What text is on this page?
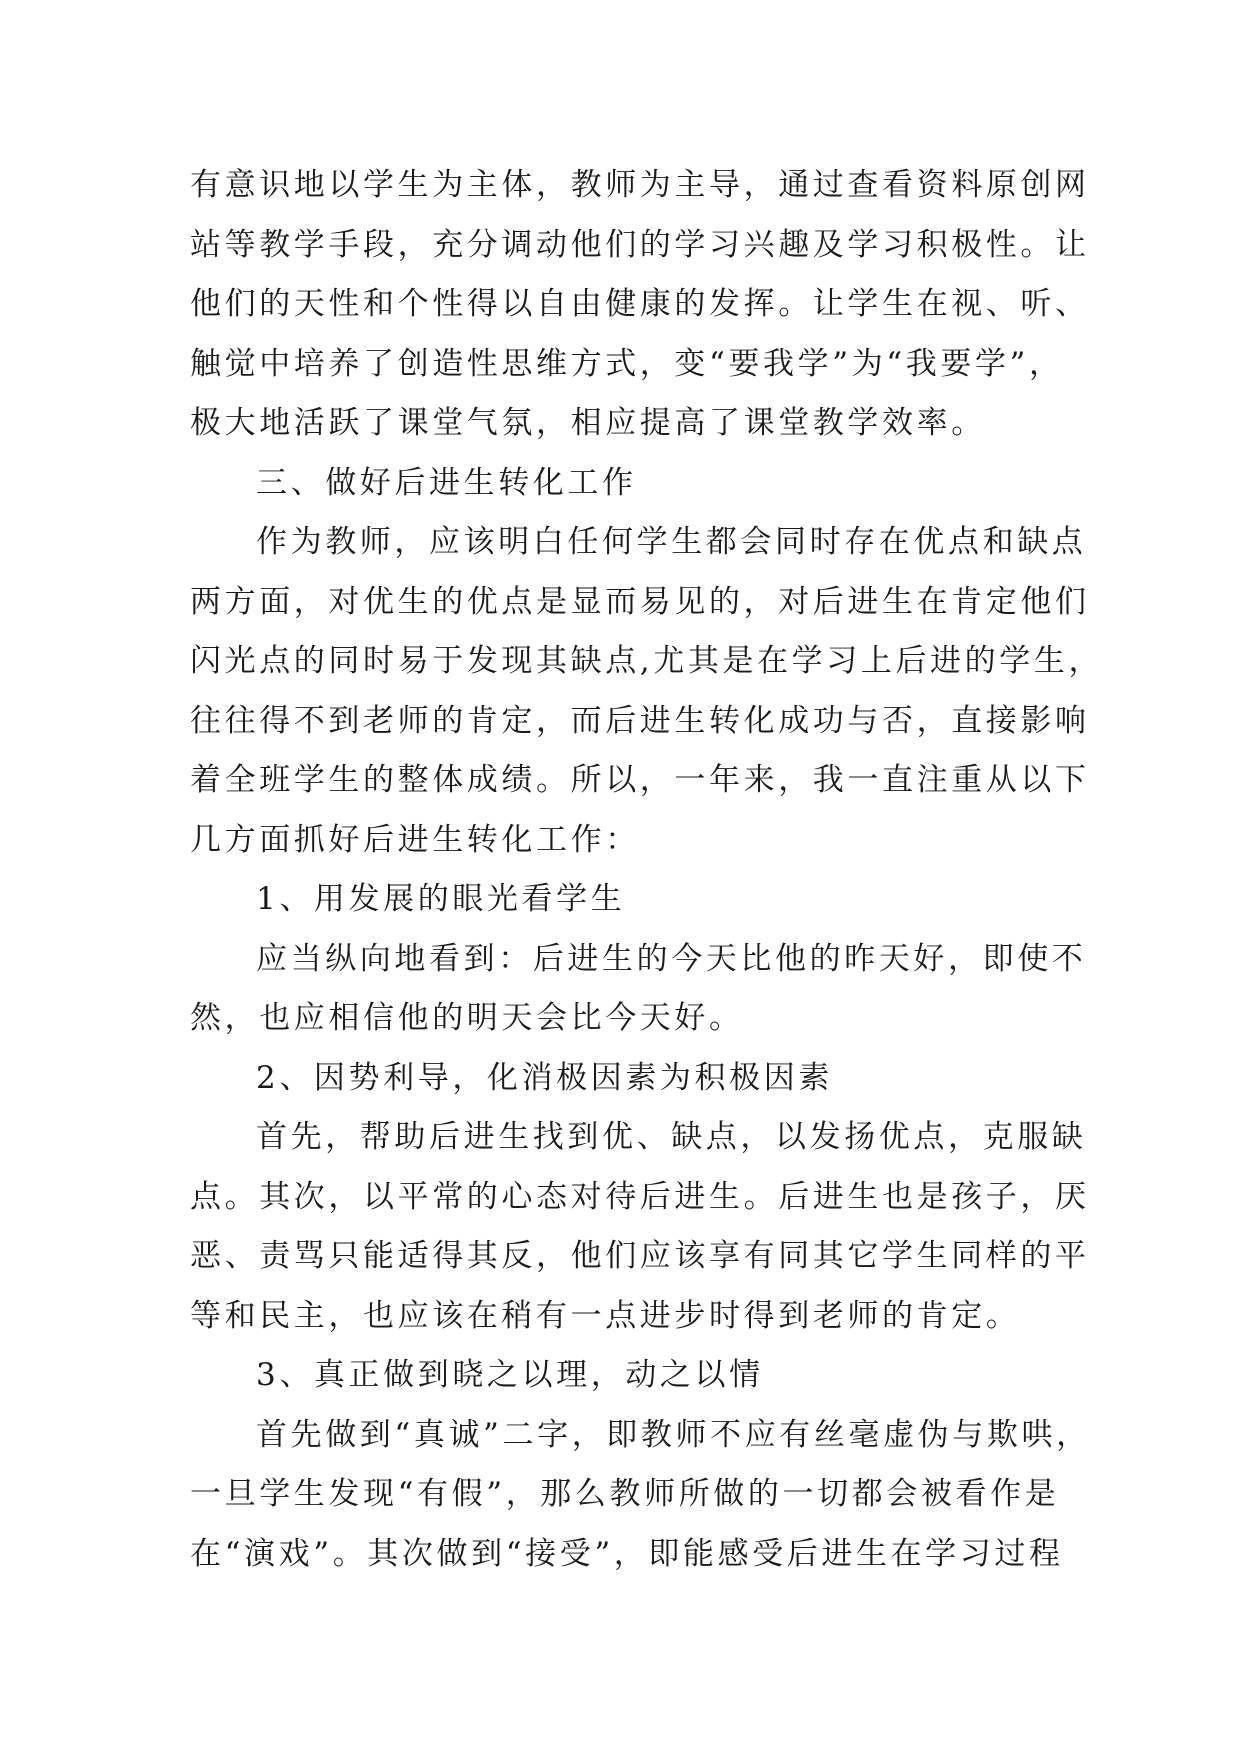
有意识地以学生为主体，教师为主导，通过查看资料原创网
站等教学手段，充分调动他们的学习兴趣及学习积极性。让
他们的天性和个性得以自由健康的发挥。让学生在视、听、
触觉中培养了创造性思维方式，变“要我学”为“我要学”，
极大地活跃了课堂气氛，相应提高了课堂教学效率。
三、做好后进生转化工作
作为教师，应该明白任何学生都会同时存在优点和缺点
两方面，对优生的优点是显而易见的，对后进生在肯定他们
闪光点的同时易于发现其缺点,尤其是在学习上后进的学生，
往往得不到老师的肯定，而后进生转化成功与否，直接影响
着全班学生的整体成绩。所以，一年来，我一直注重从以下
几方面抓好后进生转化工作：
1、用发展的眼光看学生
应当纵向地看到：后进生的今天比他的昨天好，即使不
然，也应相信他的明天会比今天好。
2、因势利导，化消极因素为积极因素
首先，帮助后进生找到优、缺点，以发扬优点，克服缺
点。其次，以平常的心态对待后进生。后进生也是孩子，厌
恶、责骂只能适得其反，他们应该享有同其它学生同样的平
等和民主，也应该在稍有一点进步时得到老师的肯定。
3、真正做到晓之以理，动之以情
首先做到“真诚”二字，即教师不应有丝毫虚伪与欺哄，
一旦学生发现“有假”，那么教师所做的一切都会被看作是
在“演戏”。其次做到“接受”，即能感受后进生在学习过程
